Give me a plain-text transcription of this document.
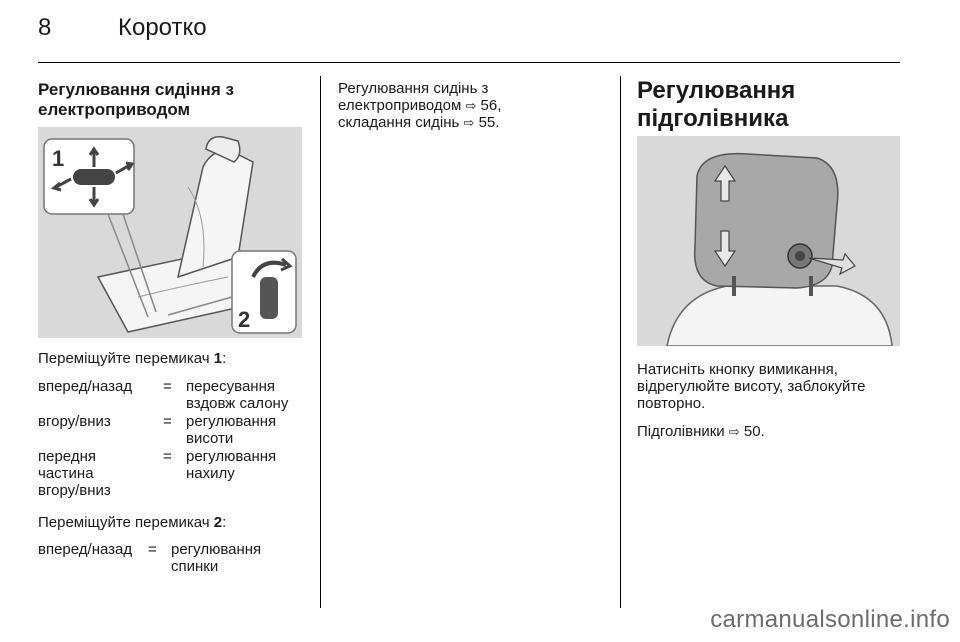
8	Коротко
Регулювання сидіння з
електроприводом
1
2
Переміщуйте перемикач 1:
вперед/назад = пересування
вздовж салону
вгору/вниз	= регулювання
висоти
передня
частина
вгору/вниз
= регулювання
нахилу
Переміщуйте перемикач 2:
вперед/назад = регулювання
спинки
Регулювання сидінь з
електроприводом ⇨ 56,
складання сидінь ⇨ 55.
Регулювання
підголівника
Натисніть кнопку вимикання,
відрегулюйте висоту, заблокуйте
повторно.
Підголівники ⇨ 50.
carmanualsonline.info
